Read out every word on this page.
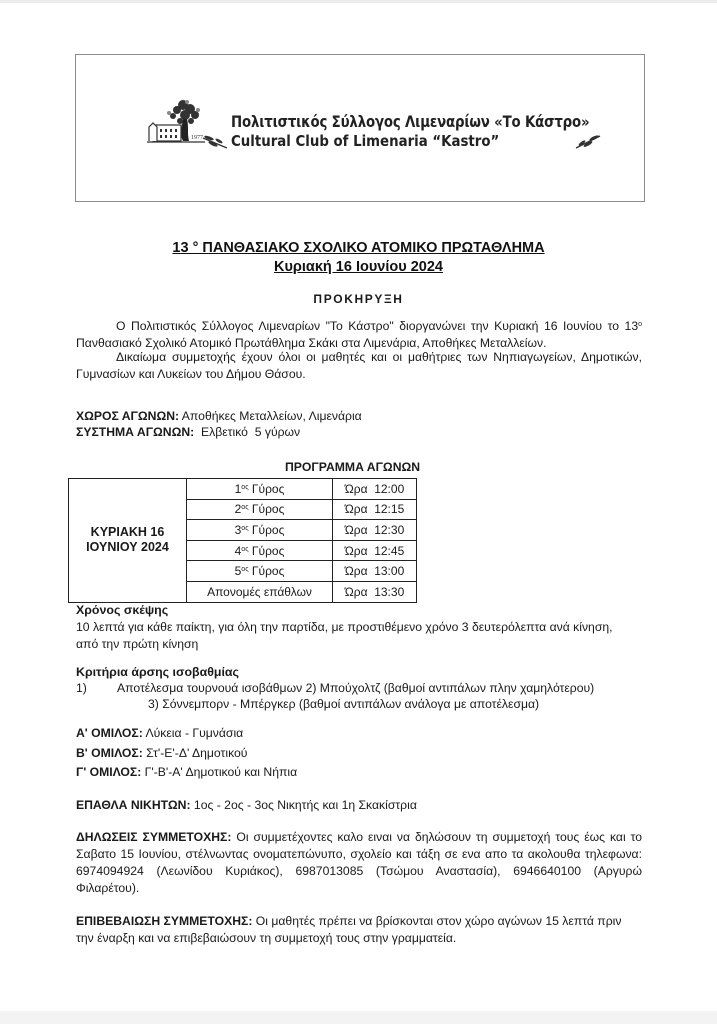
1977
Πολιτιστικός Σύλλογος Λιμεναρίων «Το Κάστρο»
Cultural Club of Limenaria “Kastro”
13 ° ΠΑΝΘΑΣΙΑΚΟ ΣΧΟΛΙΚΟ ΑΤΟΜΙΚΟ ΠΡΩΤΑΘΛΗΜΑ
Κυριακή 16 Ιουνίου 2024
ΠΡΟΚΗΡΥΞΗ
Ο Πολιτιστικός Σύλλογος Λιμεναρίων "Το Κάστρο" διοργανώνει την Κυριακή 16 Ιουνίου το $13^o$ Πανθασιακό Σχολικό Ατομικό Πρωτάθλημα Σκάκι στα Λιμενάρια, Αποθήκες Μεταλλείων.
Δικαίωμα συμμετοχής έχουν όλοι οι μαθητές και οι μαθήτριες των Νηπιαγωγείων, Δημοτικών, Γυμνασίων και Λυκείων του Δήμου Θάσου.
ΧΩΡΟΣ ΑΓΩΝΩΝ: Αποθήκες Μεταλλείων, Λιμενάρια
ΣΥΣΤΗΜΑ ΑΓΩΝΩΝ:  Ελβετικό  5 γύρων
ΠΡΟΓΡΑΜΜΑ ΑΓΩΝΩΝ
ΚΥΡΙΑΚΗ 16
ΙΟΥΝΙΟΥ 2024	$1^{o\varsigma}$ Γύρος	Ώρα  12:00
	$2^{o\varsigma}$ Γύρος	Ώρα  12:15
	$3^{o\varsigma}$ Γύρος	Ώρα  12:30
	$4^{o\varsigma}$ Γύρος	Ώρα  12:45
	$5^{o\varsigma}$ Γύρος	Ώρα  13:00
	Απονομές επάθλων	Ώρα  13:30
Χρόνος σκέψης
10 λεπτά για κάθε παίκτη, για όλη την παρτίδα, με προστιθέμενο χρόνο 3 δευτερόλεπτα ανά κίνηση, από την πρώτη κίνηση
Κριτήρια άρσης ισοβαθμίας
1) Αποτέλεσμα τουρνουά ισοβάθμων 2) Μπούχολτζ (βαθμοί αντιπάλων πλην χαμηλότερου)
3) Σόννεμπορν - Μπέργκερ (βαθμοί αντιπάλων ανάλογα με αποτέλεσμα)
Α' ΟΜΙΛΟΣ: Λύκεια - Γυμνάσια
Β' ΟΜΙΛΟΣ: Στ'-Ε'-Δ' Δημοτικού
Γ' ΟΜΙΛΟΣ: Γ'-Β'-Α' Δημοτικού και Νήπια
ΕΠΑΘΛΑ ΝΙΚΗΤΩΝ: 1ος - 2ος - 3ος Νικητής και 1η Σκακίστρια
ΔΗΛΩΣΕΙΣ ΣΥΜΜΕΤΟΧΗΣ: Οι συμμετέχοντες καλο ειναι να δηλώσουν τη συμμετοχή τους έως και το Σαβατο 15 Ιουνίου, στέλνωντας ονοματεπώνυπο, σχολείο και τάξη σε ενα απο τα ακολουθα τηλεφωνα: 6974094924 (Λεωνίδου Κυριάκος), 6987013085 (Τσώμου Αναστασία), 6946640100 (Αργυρώ Φιλαρέτου).
ΕΠΙΒΕΒΑΙΩΣΗ ΣΥΜΜΕΤΟΧΗΣ: Οι μαθητές πρέπει να βρίσκονται στον χώρο αγώνων 15 λεπτά πριν την έναρξη και να επιβεβαιώσουν τη συμμετοχή τους στην γραμματεία.
